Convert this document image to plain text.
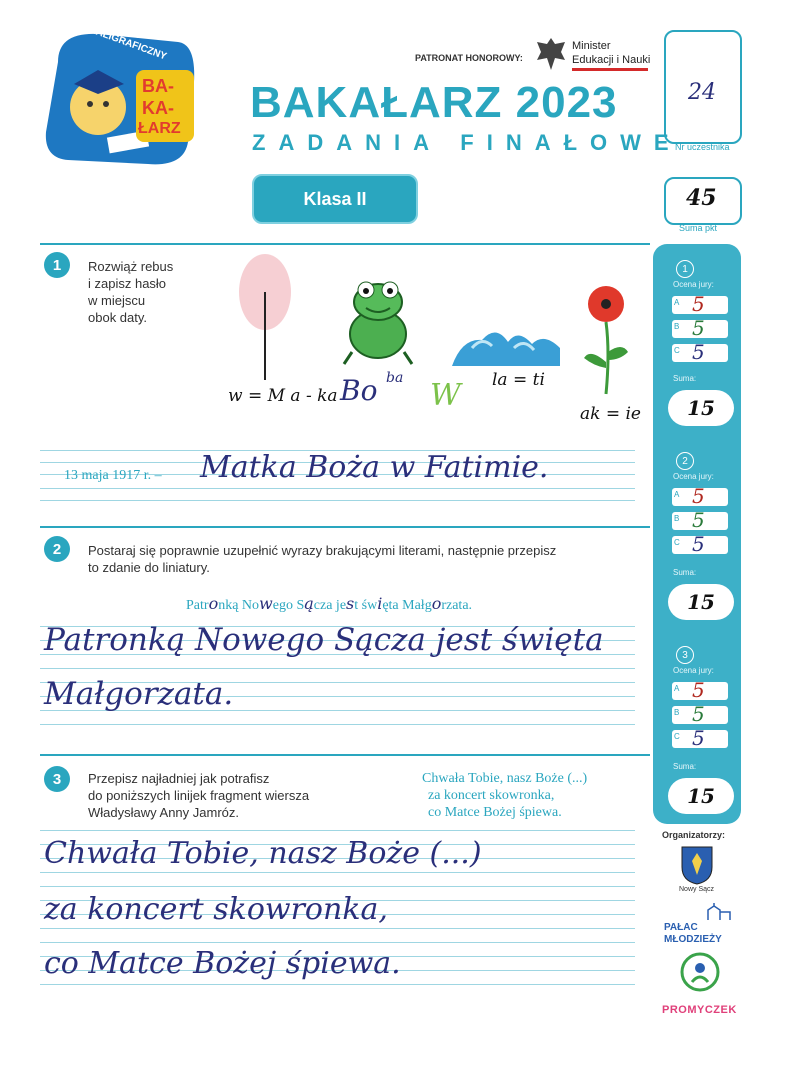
KONKURS KALIGRAFICZNY
BA-
KA-
ŁARZ
PATRONAT HONOROWY:
Minister
Edukacji i Nauki
BAKAŁARZ 2023
ZADANIA FINAŁOWE
Klasa II
24
Nr uczestnika
45
Suma pkt
1	Rozwiąż rebus
i zapisz hasło
w miejscu
obok daty.
w = M a - ka Bo ba W la = ti
ak = ie
13 maja 1917 r. – Matka Boża w Fatimie.
2	Postaraj się poprawnie uzupełnić wyrazy brakującymi literami, następnie przepisz
to zdanie do liniatury.
Patronką Nowego Sącza jest święta Małgorzata.
Patronką Nowego Sącza jest święta
Małgorzata.
3	Przepisz najładniej jak potrafisz
do poniższych linijek fragment wiersza
Władysławy Anny Jamróz.
Chwała Tobie, nasz Boże (...)
za koncert skowronka,
co Matce Bożej śpiewa.
Chwała Tobie, nasz Boże (...)
za koncert skowronka,
co Matce Bożej śpiewa.
1
Ocena jury:
A 5
B 5
C 5
Suma:
15
2
Ocena jury:
A 5
B 5
C 5
Suma:
15
3
Ocena jury:
A 5
B 5
C 5
Suma:
15
Organizatorzy:
Nowy Sącz
PAŁAC
MŁODZIEŻY
PROMYCZEK
